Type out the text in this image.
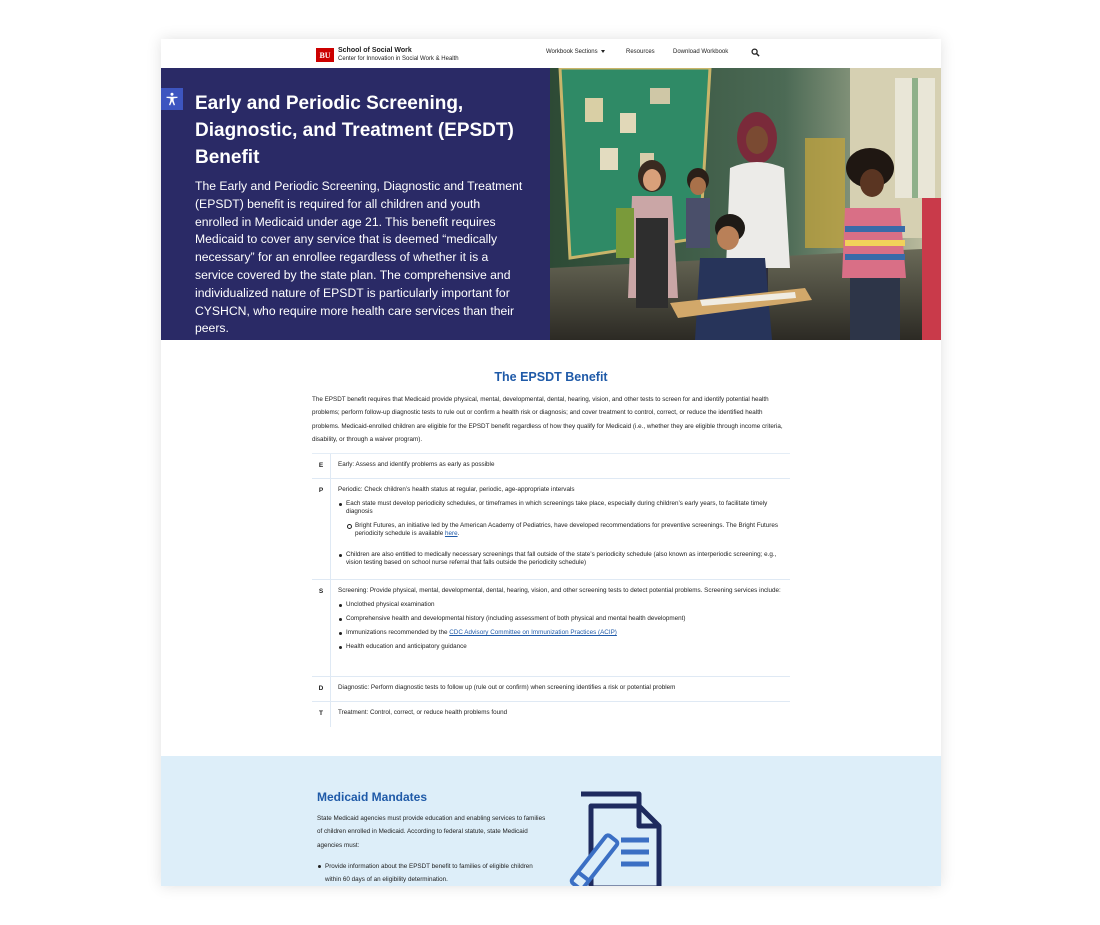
BU	School of Social Work
Center for Innovation in Social Work & Health
Workbook Sections	Resources	Download Workbook
Early and Periodic Screening, Diagnostic, and Treatment (EPSDT) Benefit

The Early and Periodic Screening, Diagnostic and Treatment (EPSDT) benefit is required for all children and youth enrolled in Medicaid under age 21. This benefit requires Medicaid to cover any service that is deemed “medically necessary” for an enrollee regardless of whether it is a service covered by the state plan. The comprehensive and individualized nature of EPSDT is particularly important for CYSHCN, who require more health care services than their peers.

The EPSDT Benefit

The EPSDT benefit requires that Medicaid provide physical, mental, developmental, dental, hearing, vision, and other tests to screen for and identify potential health problems; perform follow-up diagnostic tests to rule out or confirm a health risk or diagnosis; and cover treatment to control, correct, or reduce the identified health problems. Medicaid-enrolled children are eligible for the EPSDT benefit regardless of how they qualify for Medicaid (i.e., whether they are eligible through income criteria, disability, or through a waiver program).

E	Early: Assess and identify problems as early as possible
P	Periodic: Check children’s health status at regular, periodic, age-appropriate intervals
Each state must develop periodicity schedules, or timeframes in which screenings take place, especially during children’s early years, to facilitate timely diagnosis
Bright Futures, an initiative led by the American Academy of Pediatrics, have developed recommendations for preventive screenings. The Bright Futures periodicity schedule is available here.
Children are also entitled to medically necessary screenings that fall outside of the state’s periodicity schedule (also known as interperiodic screening; e.g., vision testing based on school nurse referral that falls outside the periodicity schedule)
S	Screening: Provide physical, mental, developmental, dental, hearing, vision, and other screening tests to detect potential problems. Screening services include:
Unclothed physical examination
Comprehensive health and developmental history (including assessment of both physical and mental health development)
Immunizations recommended by the CDC Advisory Committee on Immunization Practices (ACIP)
Health education and anticipatory guidance
D	Diagnostic: Perform diagnostic tests to follow up (rule out or confirm) when screening identifies a risk or potential problem
T	Treatment: Control, correct, or reduce health problems found
Medicaid Mandates

State Medicaid agencies must provide education and enabling services to families of children enrolled in Medicaid. According to federal statute, state Medicaid agencies must:

Provide information about the EPSDT benefit to families of eligible children within 60 days of an eligibility determination.
